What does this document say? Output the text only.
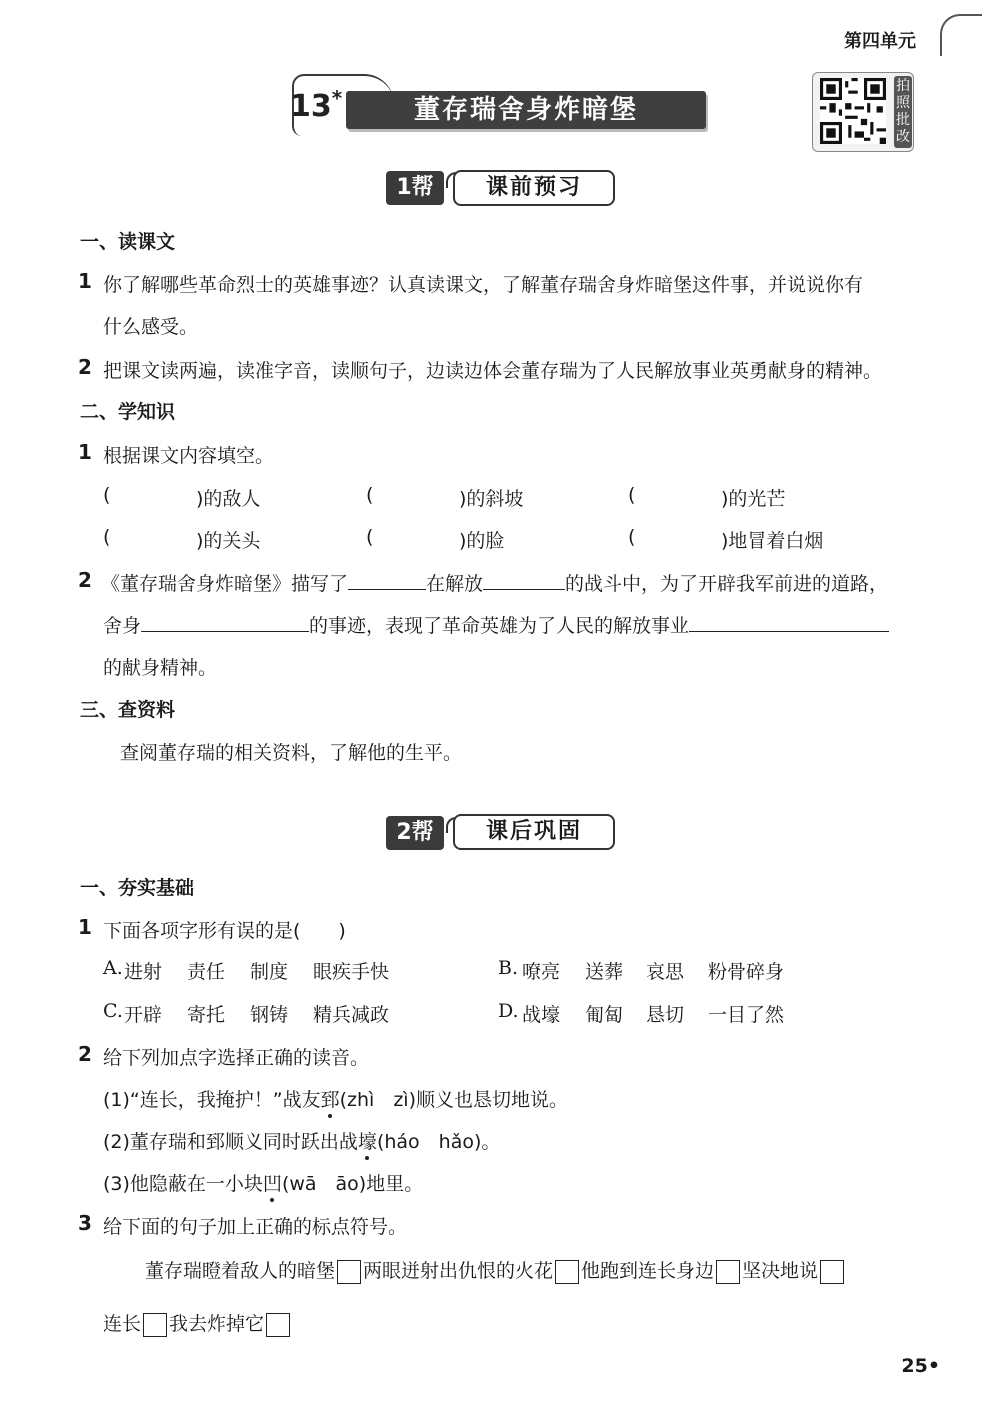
第四单元
13*	董存瑞舍身炸暗堡
拍照批改
1帮	课前预习
一、读课文
1 你了解哪些革命烈士的英雄事迹？认真读课文，了解董存瑞舍身炸暗堡这件事，并说说你有
什么感受。
2 把课文读两遍，读准字音，读顺句子，边读边体会董存瑞为了人民解放事业英勇献身的精神。
二、学知识
1 根据课文内容填空。
(	)的敌人	(	)的斜坡	(	)的光芒
(	)的关头	(	)的脸	(	)地冒着白烟
2 《董存瑞舍身炸暗堡》描写了	在解放	的战斗中，为了开辟我军前进的道路，
舍身	的事迹，表现了革命英雄为了人民的解放事业
的献身精神。
三、查资料
查阅董存瑞的相关资料，了解他的生平。
2帮	课后巩固
一、夯实基础
1 下面各项字形有误的是(　　)
A. 进射 责任 制度 眼疾手快	B. 嘹亮 送葬 哀思 粉骨碎身
C. 开辟 寄托 钢铸 精兵减政	D. 战壕 匍匐 恳切 一目了然
2 给下列加点字选择正确的读音。
(1)“连长，我掩护！”战友郅(zhì　zì)顺义也恳切地说。
(2)董存瑞和郅顺义同时跃出战壕(háo　hǎo)。
(3)他隐蔽在一小块凹(wā　āo)地里。
3 给下面的句子加上正确的标点符号。
董存瑞瞪着敌人的暗堡 两眼迸射出仇恨的火花 他跑到连长身边 坚决地说
连长 我去炸掉它
25•
